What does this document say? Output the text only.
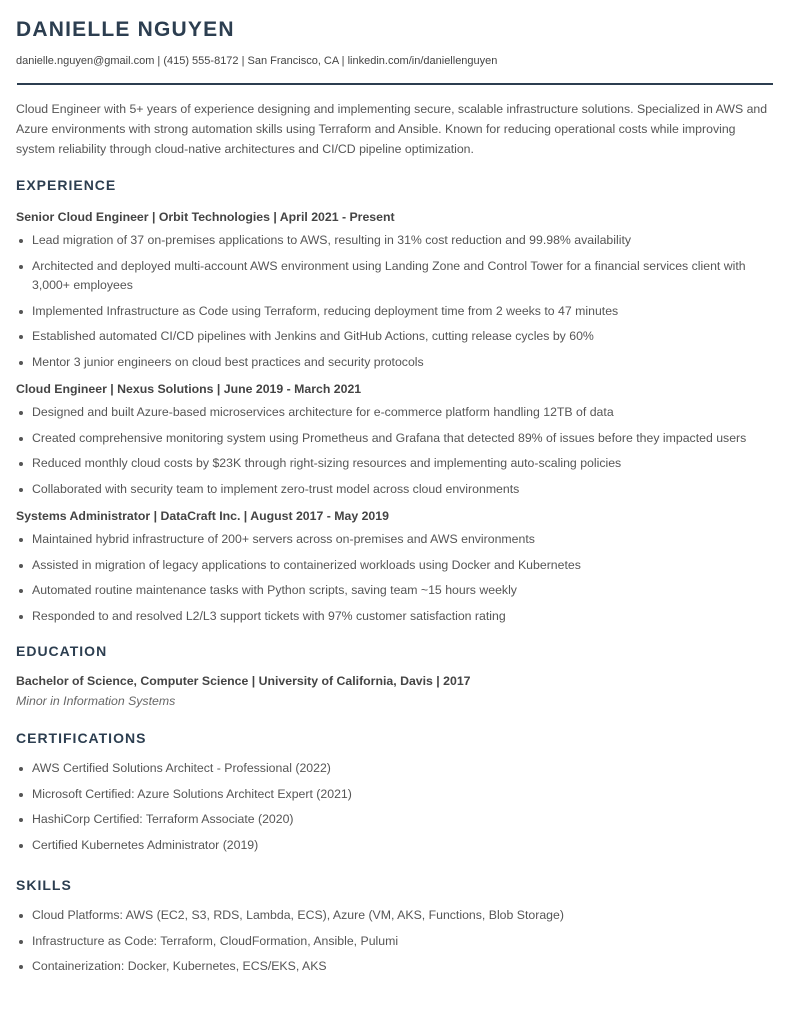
DANIELLE NGUYEN
danielle.nguyen@gmail.com | (415) 555-8172 | San Francisco, CA | linkedin.com/in/daniellenguyen
Cloud Engineer with 5+ years of experience designing and implementing secure, scalable infrastructure solutions. Specialized in AWS and Azure environments with strong automation skills using Terraform and Ansible. Known for reducing operational costs while improving system reliability through cloud-native architectures and CI/CD pipeline optimization.
EXPERIENCE
Senior Cloud Engineer | Orbit Technologies | April 2021 - Present
Lead migration of 37 on-premises applications to AWS, resulting in 31% cost reduction and 99.98% availability
Architected and deployed multi-account AWS environment using Landing Zone and Control Tower for a financial services client with 3,000+ employees
Implemented Infrastructure as Code using Terraform, reducing deployment time from 2 weeks to 47 minutes
Established automated CI/CD pipelines with Jenkins and GitHub Actions, cutting release cycles by 60%
Mentor 3 junior engineers on cloud best practices and security protocols
Cloud Engineer | Nexus Solutions | June 2019 - March 2021
Designed and built Azure-based microservices architecture for e-commerce platform handling 12TB of data
Created comprehensive monitoring system using Prometheus and Grafana that detected 89% of issues before they impacted users
Reduced monthly cloud costs by $23K through right-sizing resources and implementing auto-scaling policies
Collaborated with security team to implement zero-trust model across cloud environments
Systems Administrator | DataCraft Inc. | August 2017 - May 2019
Maintained hybrid infrastructure of 200+ servers across on-premises and AWS environments
Assisted in migration of legacy applications to containerized workloads using Docker and Kubernetes
Automated routine maintenance tasks with Python scripts, saving team ~15 hours weekly
Responded to and resolved L2/L3 support tickets with 97% customer satisfaction rating
EDUCATION
Bachelor of Science, Computer Science | University of California, Davis | 2017
Minor in Information Systems
CERTIFICATIONS
AWS Certified Solutions Architect - Professional (2022)
Microsoft Certified: Azure Solutions Architect Expert (2021)
HashiCorp Certified: Terraform Associate (2020)
Certified Kubernetes Administrator (2019)
SKILLS
Cloud Platforms: AWS (EC2, S3, RDS, Lambda, ECS), Azure (VM, AKS, Functions, Blob Storage)
Infrastructure as Code: Terraform, CloudFormation, Ansible, Pulumi
Containerization: Docker, Kubernetes, ECS/EKS, AKS
